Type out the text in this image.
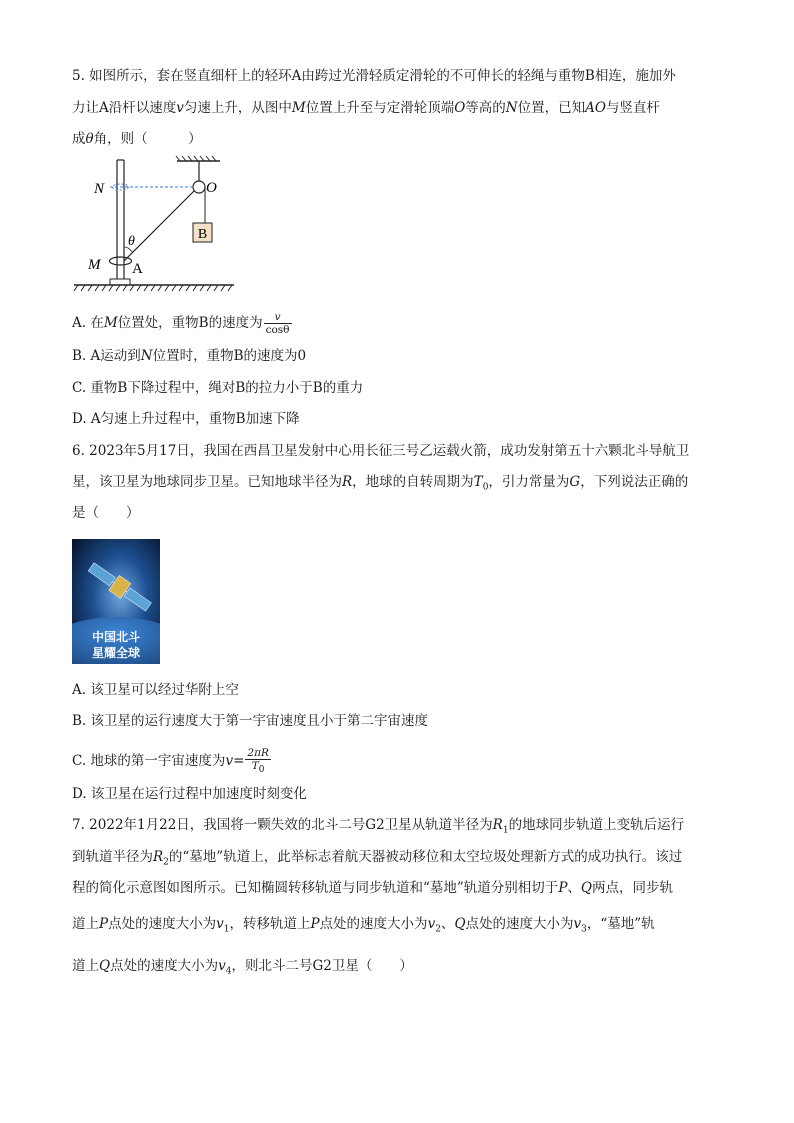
5. 如图所示，套在竖直细杆上的轻环A由跨过光滑轻质定滑轮的不可伸长的轻绳与重物B相连，施加外
力让A沿杆以速度v匀速上升，从图中M位置上升至与定滑轮顶端O等高的N位置，已知AO与竖直杆
成θ角，则（　　　）
B
N	O
θ
M A
A. 在M位置处，重物B的速度为 $\frac{v}{\cos\theta}$
B. A运动到N位置时，重物B的速度为0
C. 重物B下降过程中，绳对B的拉力小于B的重力
D. A匀速上升过程中，重物B加速下降
6. 2023年5月17日，我国在西昌卫星发射中心用长征三号乙运载火箭，成功发射第五十六颗北斗导航卫
星，该卫星为地球同步卫星。已知地球半径为R，地球的自转周期为$T_0$，引力常量为G，下列说法正确的
是（　　）
中国北斗
星耀全球
A. 该卫星可以经过华附上空
B. 该卫星的运行速度大于第一宇宙速度且小于第二宇宙速度
C. 地球的第一宇宙速度为$v= \frac{2\pi R}{T_0}$
D. 该卫星在运行过程中加速度时刻变化
7. 2022年1月22日，我国将一颗失效的北斗二号G2卫星从轨道半径为$R_1$的地球同步轨道上变轨后运行
到轨道半径为$R_2$的“墓地”轨道上，此举标志着航天器被动移位和太空垃圾处理新方式的成功执行。该过
程的简化示意图如图所示。已知椭圆转移轨道与同步轨道和“墓地”轨道分别相切于P、Q两点，同步轨
道上P点处的速度大小为$v_1$，转移轨道上P点处的速度大小为$v_2$、Q点处的速度大小为$v_3$，“墓地”轨
道上Q点处的速度大小为$v_4$，则北斗二号G2卫星（　　）
